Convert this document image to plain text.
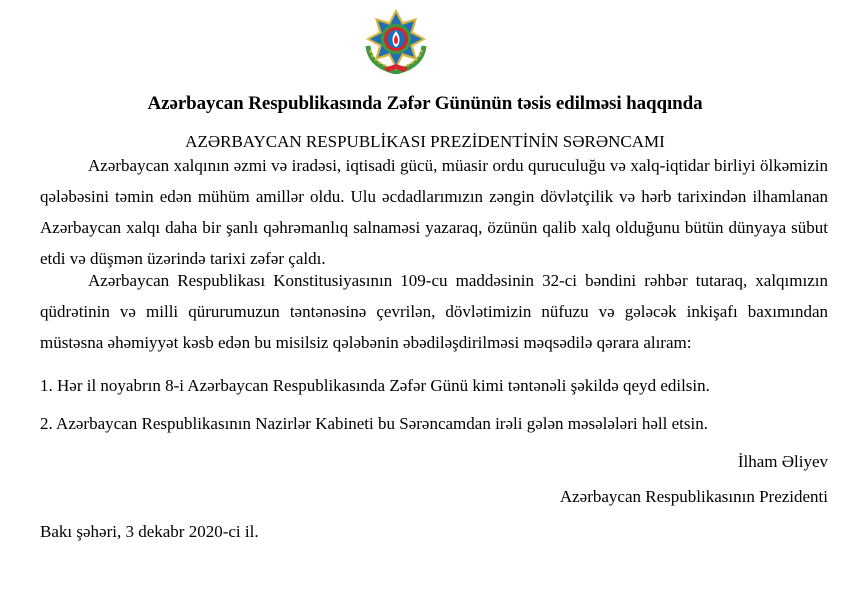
Azərbaycan Respublikasında Zəfər Gününün təsis edilməsi haqqında
AZƏRBAYCAN RESPUBLİKASI PREZİDENTİNİN SƏRƏNCAMI

Azərbaycan xalqının əzmi və iradəsi, iqtisadi gücü, müasir ordu quruculuğu və xalq-iqtidar birliyi ölkəmizin qələbəsini təmin edən mühüm amillər oldu. Ulu əcdadlarımızın zəngin dövlətçilik və hərb tarixindən ilhamlanan Azərbaycan xalqı daha bir şanlı qəhrəmanlıq salnaməsi yazaraq, özünün qalib xalq olduğunu bütün dünyaya sübut etdi və düşmən üzərində tarixi zəfər çaldı.

Azərbaycan Respublikası Konstitusiyasının 109-cu maddəsinin 32-ci bəndini rəhbər tutaraq, xalqımızın qüdrətinin və milli qürurumuzun təntənəsinə çevrilən, dövlətimizin nüfuzu və gələcək inkişafı baxımından müstəsna əhəmiyyət kəsb edən bu misilsiz qələbənin əbədiləşdirilməsi məqsədilə qərara alıram:

1. Hər il noyabrın 8-i Azərbaycan Respublikasında Zəfər Günü kimi təntənəli şəkildə qeyd edilsin.
2. Azərbaycan Respublikasının Nazirlər Kabineti bu Sərəncamdan irəli gələn məsələləri həll etsin.
İlham Əliyev
Azərbaycan Respublikasının Prezidenti
Bakı şəhəri, 3 dekabr 2020-ci il.
